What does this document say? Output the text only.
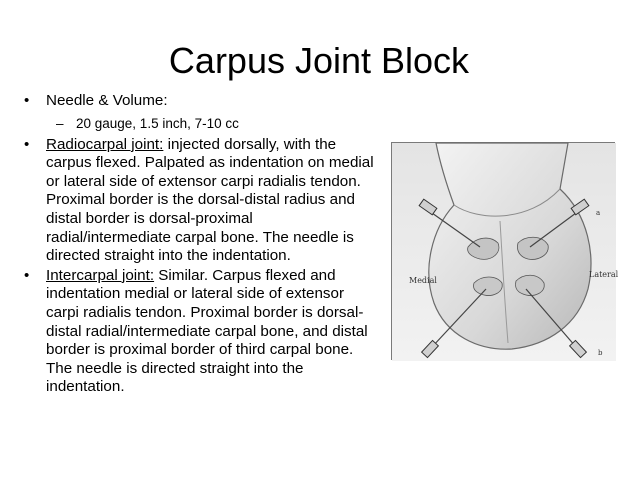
Carpus Joint Block
•	Needle & Volume:
– 20 gauge, 1.5 inch, 7-10 cc
•	Radiocarpal joint: injected dorsally, with the carpus flexed. Palpated as indentation on medial or lateral side of extensor carpi radialis tendon. Proximal border is the dorsal-distal radius and distal border is dorsal-proximal radial/intermediate carpal bone. The needle is directed straight into the indentation.
•	Intercarpal joint: Similar. Carpus flexed and indentation medial or lateral side of extensor carpi radialis tendon. Proximal border is dorsal-distal radial/intermediate carpal bone, and distal border is proximal border of third carpal bone. The needle is directed straight into the indentation.
Medial
Lateral
a
b
